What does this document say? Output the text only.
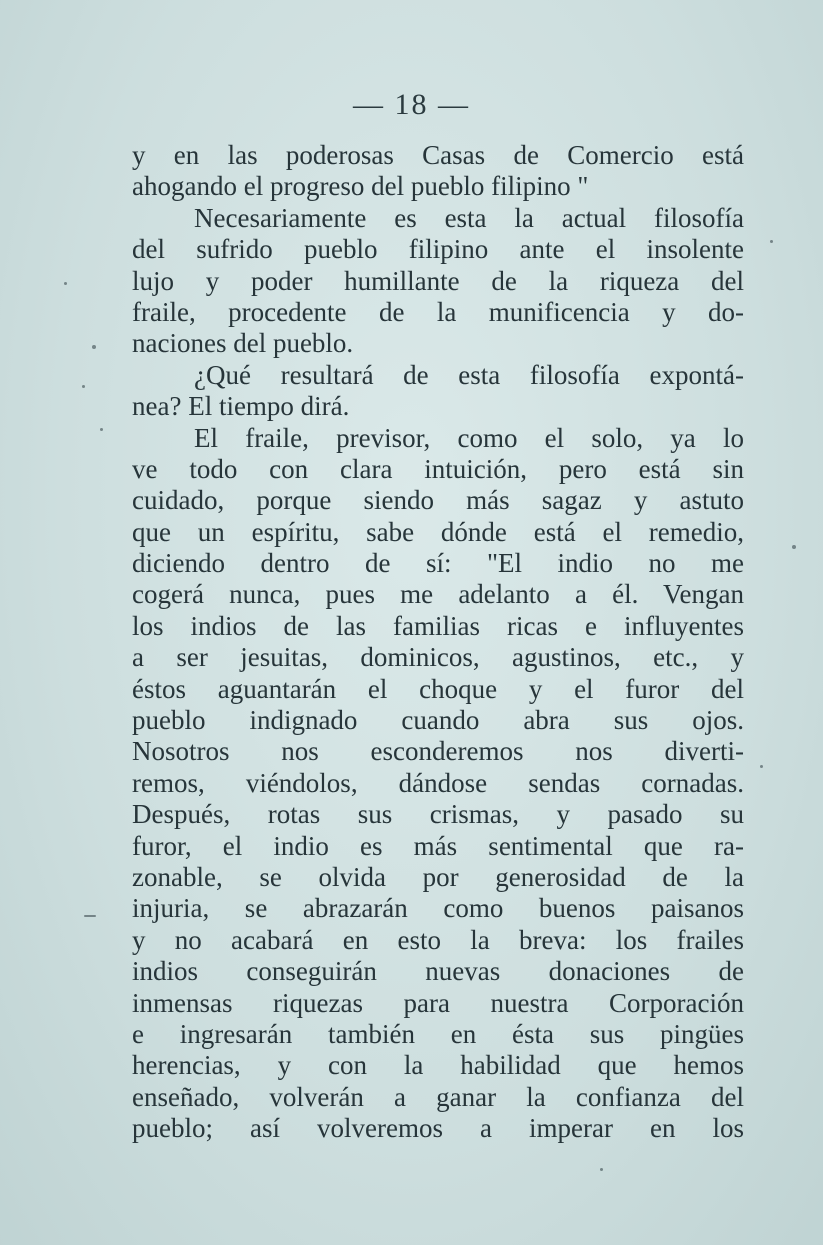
— 18 —
y en las poderosas Casas de Comercio está
ahogando el progreso del pueblo filipino "
Necesariamente es esta la actual filosofía
del sufrido pueblo filipino ante el insolente
lujo y poder humillante de la riqueza del
fraile, procedente de la munificencia y do-
naciones del pueblo.
¿Qué resultará de esta filosofía expontá-
nea? El tiempo dirá.
El fraile, previsor, como el solo, ya lo
ve todo con clara intuición, pero está sin
cuidado, porque siendo más sagaz y astuto
que un espíritu, sabe dónde está el remedio,
diciendo dentro de sí: "El indio no me
cogerá nunca, pues me adelanto a él. Vengan
los indios de las familias ricas e influyentes
a ser jesuitas, dominicos, agustinos, etc., y
éstos aguantarán el choque y el furor del
pueblo indignado cuando abra sus ojos.
Nosotros nos esconderemos nos diverti-
remos, viéndolos, dándose sendas cornadas.
Después, rotas sus crismas, y pasado su
furor, el indio es más sentimental que ra-
zonable, se olvida por generosidad de la
injuria, se abrazarán como buenos paisanos
y no acabará en esto la breva: los frailes
indios conseguirán nuevas donaciones de
inmensas riquezas para nuestra Corporación
e ingresarán también en ésta sus pingües
herencias, y con la habilidad que hemos
enseñado, volverán a ganar la confianza del
pueblo; así volveremos a imperar en los
